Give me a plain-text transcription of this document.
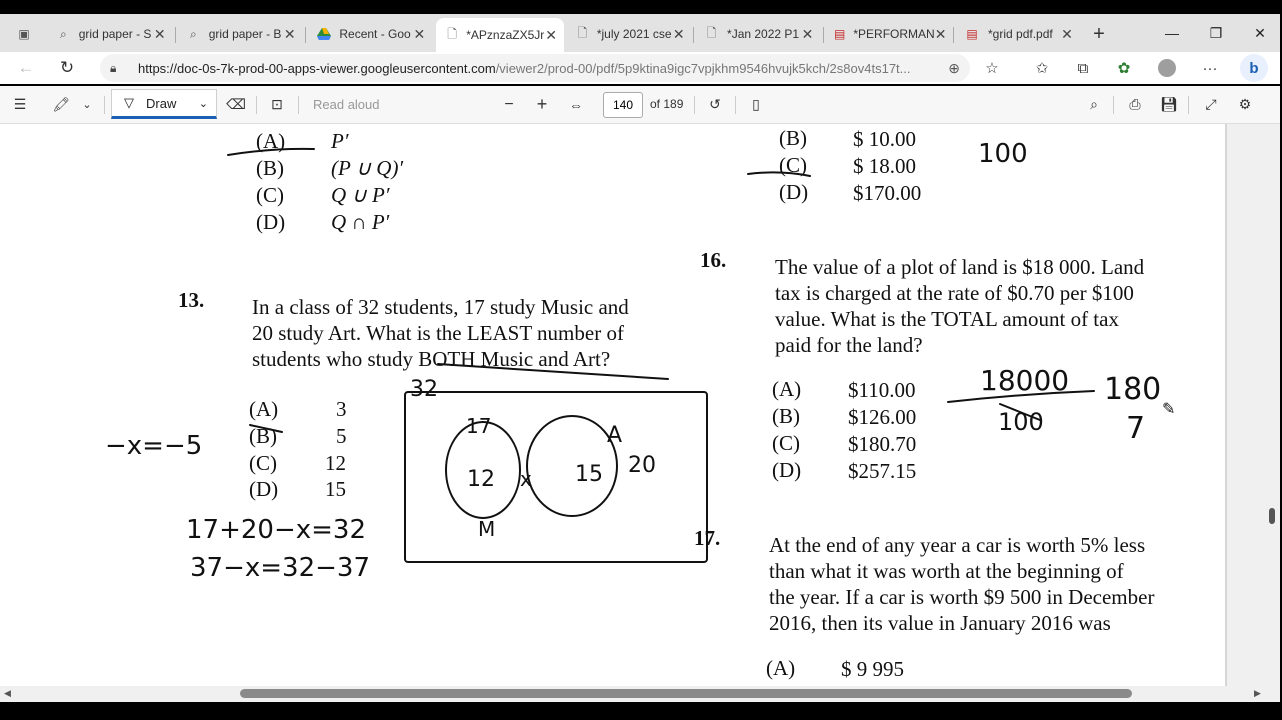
▣	⌕	grid paper - S ✕	⌕	grid paper - B ✕	Recent - Goo ✕ 🗋 *APznzaZX5Jr ✕ 🗋 *july 2021 cse ✕ 🗋 *Jan 2022 P1 ✕ ▤ *PERFORMAN ✕ ▤ *grid pdf.pdf ✕ +	— ❐ ✕
← ↻	🔒︎	https://doc-0s-7k-prod-00-apps-viewer.googleusercontent.com/viewer2/prod-00/pdf/5p9ktina9igc7vpjkhm9546hvujk5kch/2s8ov4ts17t...	⊕ ☆ ✩ ⧉ ✿	··· b
☰ 🖍︎ ⌄ ▽ Draw ⌄ ⌫ ⊡ Read aloud	− + ⇔	140	of 189 ↺ ▯	⌕ ⎙ 💾︎ ⤢ ⚙
(A) P′
(B) (P ∪ Q)′
(C) Q ∪ P′
(D) Q ∩ P′
(B) $ 10.00
(C) $ 18.00
(D) $170.00
13. In a class of 32 students, 17 study Music and
20 study Art. What is the LEAST number of
students who study BOTH Music and Art?
(A)	3
(B)	5
(C) 12
(D) 15
16. The value of a plot of land is $18 000. Land
tax is charged at the rate of $0.70 per $100
value. What is the TOTAL amount of tax
paid for the land?
(A) $110.00
(B) $126.00
(C) $180.70
(D) $257.15
17. At the end of any year a car is worth 5% less
than what it was worth at the beginning of
the year. If a car is worth $9 500 in December
2016, then its value in January 2016 was
(A) $ 9 995
32
17	A
20
12 x 15
M
−x=−5
17+20−x=32
37−x=32−37
18000
100
180
7
100
✎
◀	▶
